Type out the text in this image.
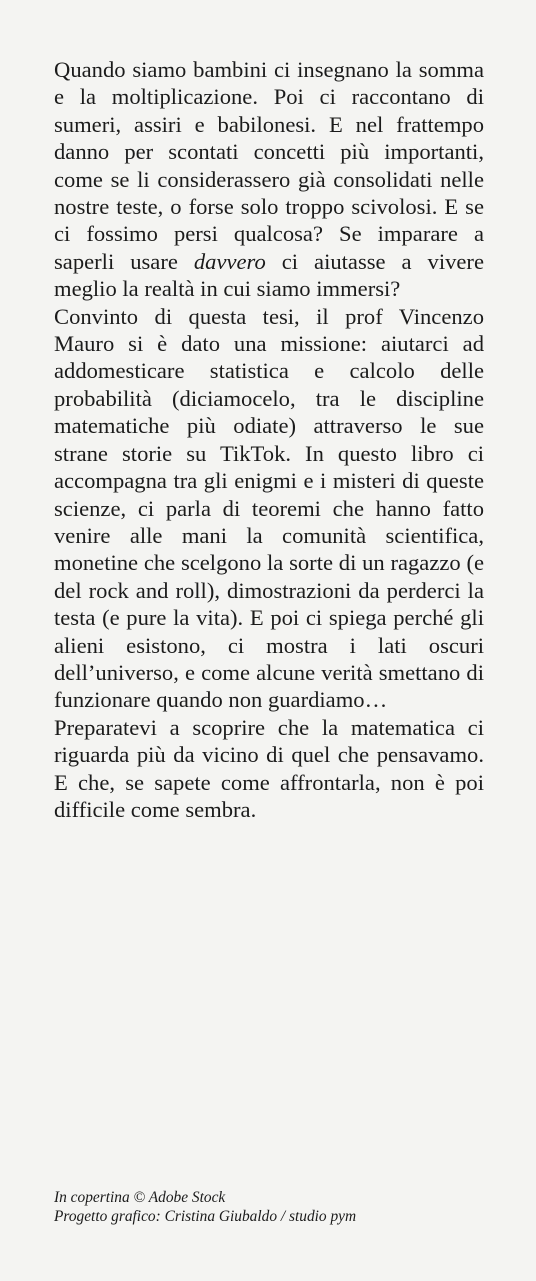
Quando siamo bambini ci insegnano la somma e la moltiplicazione. Poi ci raccontano di sumeri, assiri e babilonesi. E nel frattempo danno per scontati concetti più importanti, come se li considerassero già consolidati nelle nostre teste, o forse solo troppo scivolosi. E se ci fossimo persi qualcosa? Se imparare a saperli usare davvero ci aiutasse a vivere meglio la realtà in cui siamo immersi?

Convinto di questa tesi, il prof Vincenzo Mauro si è dato una missione: aiutarci ad addomesticare statistica e calcolo delle probabilità (diciamocelo, tra le discipline matematiche più odiate) attraverso le sue strane storie su TikTok. In questo libro ci accompagna tra gli enigmi e i misteri di queste scienze, ci parla di teoremi che hanno fatto venire alle mani la comunità scientifica, monetine che scelgono la sorte di un ragazzo (e del rock and roll), dimostrazioni da perderci la testa (e pure la vita). E poi ci spiega perché gli alieni esistono, ci mostra i lati oscuri dell’universo, e come alcune verità smettano di funzionare quando non guardiamo…

Preparatevi a scoprire che la matematica ci riguarda più da vicino di quel che pensavamo. E che, se sapete come affrontarla, non è poi difficile come sembra.

In copertina © Adobe Stock
Progetto grafico: Cristina Giubaldo / studio pym
